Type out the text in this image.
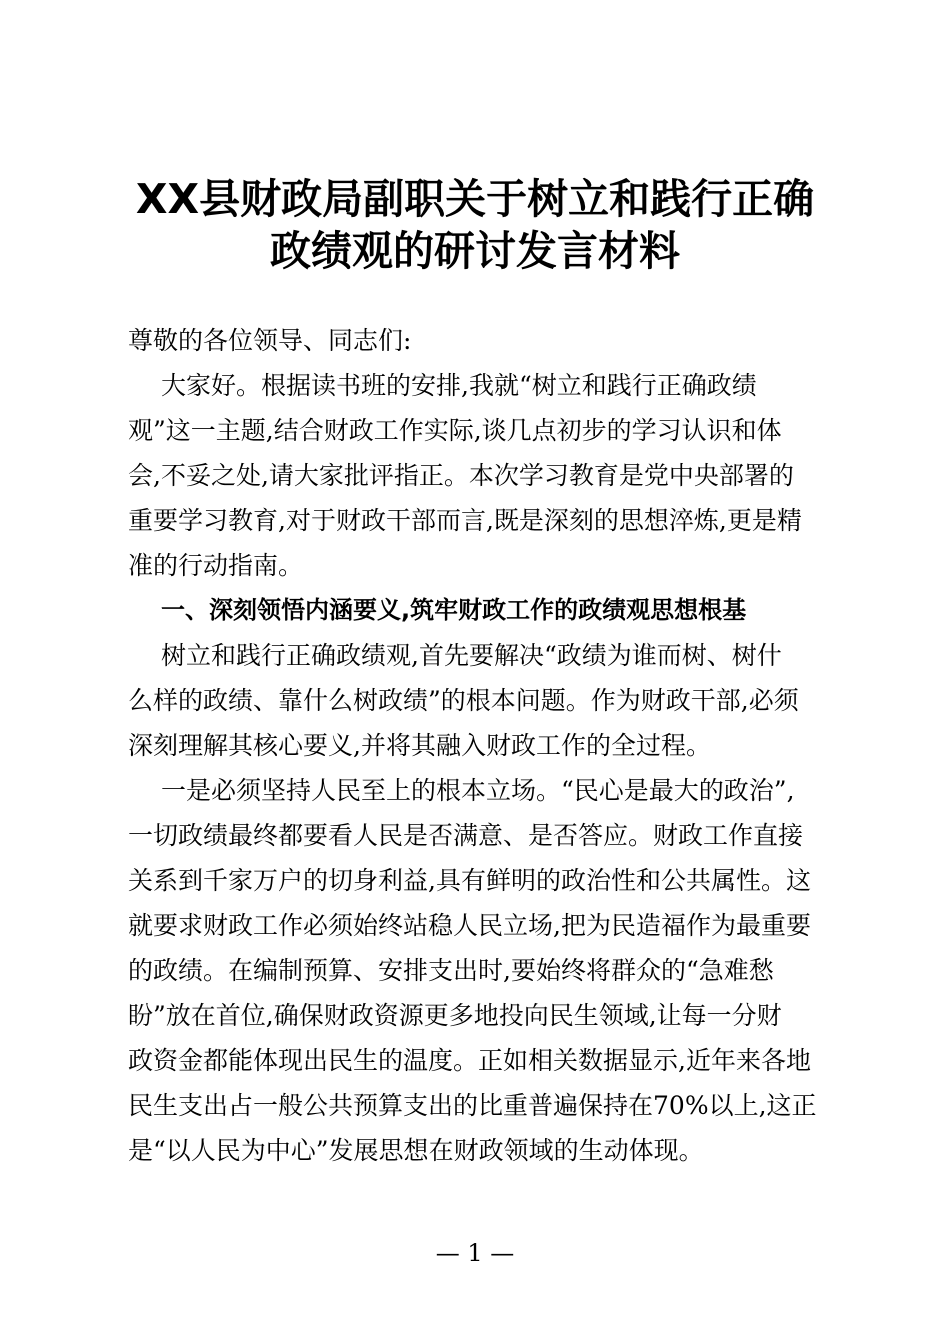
XX县财政局副职关于树立和践行正确
政绩观的研讨发言材料

尊敬的各位领导、同志们:

大家好。根据读书班的安排,我就“树立和践行正确政绩

观”这一主题,结合财政工作实际,谈几点初步的学习认识和体

会,不妥之处,请大家批评指正。本次学习教育是党中央部署的

重要学习教育,对于财政干部而言,既是深刻的思想淬炼,更是精

准的行动指南。

一、深刻领悟内涵要义,筑牢财政工作的政绩观思想根基

树立和践行正确政绩观,首先要解决“政绩为谁而树、树什

么样的政绩、靠什么树政绩”的根本问题。作为财政干部,必须

深刻理解其核心要义,并将其融入财政工作的全过程。

一是必须坚持人民至上的根本立场。“民心是最大的政治”,

一切政绩最终都要看人民是否满意、是否答应。财政工作直接

关系到千家万户的切身利益,具有鲜明的政治性和公共属性。这

就要求财政工作必须始终站稳人民立场,把为民造福作为最重要

的政绩。在编制预算、安排支出时,要始终将群众的“急难愁

盼”放在首位,确保财政资源更多地投向民生领域,让每一分财

政资金都能体现出民生的温度。正如相关数据显示,近年来各地

民生支出占一般公共预算支出的比重普遍保持在70%以上,这正

是“以人民为中心”发展思想在财政领域的生动体现。

— 1 —
